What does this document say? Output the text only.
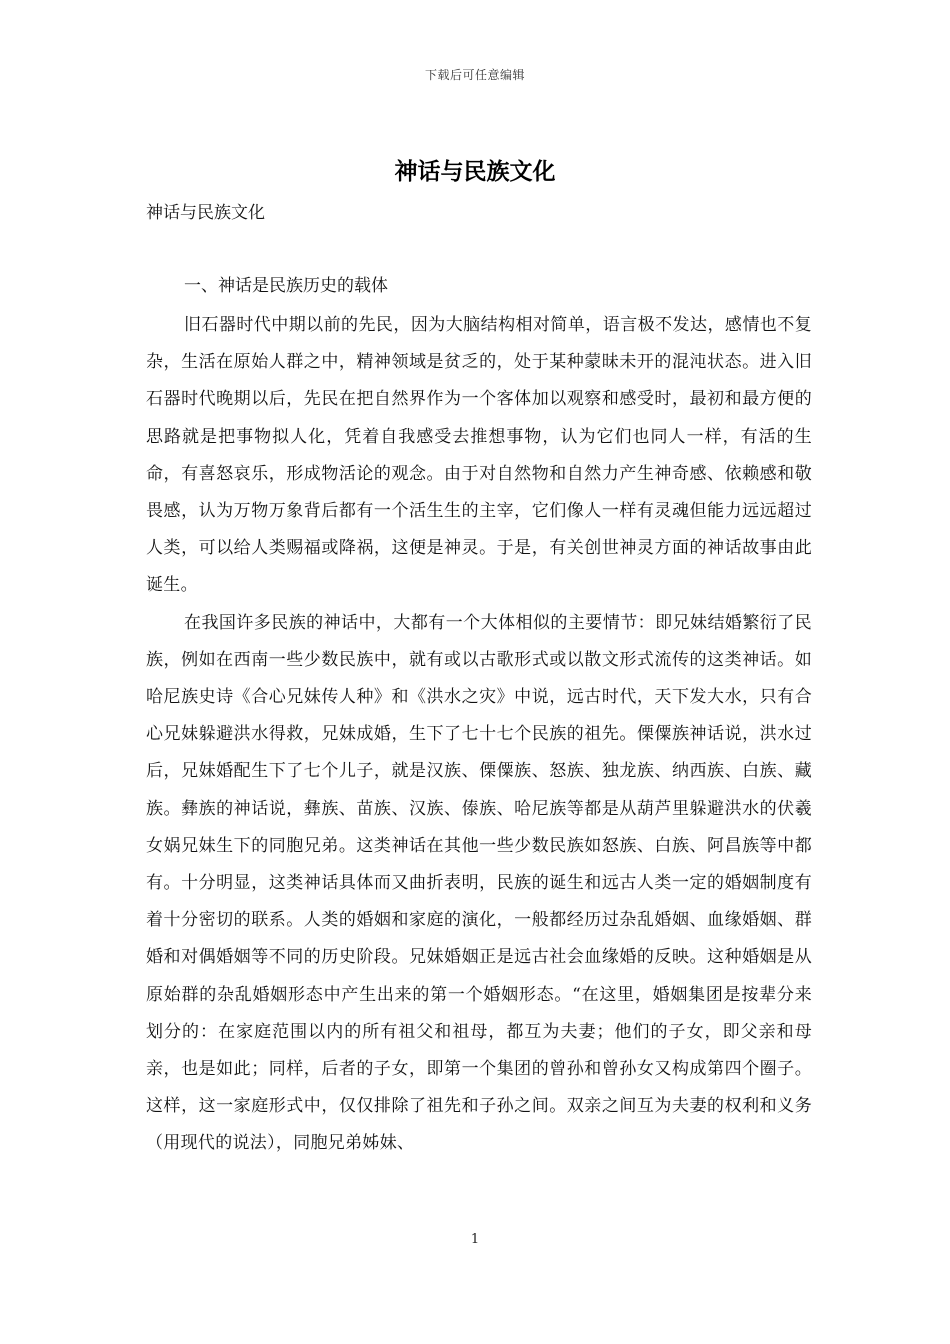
下载后可任意编辑
神话与民族文化
神话与民族文化
一、神话是民族历史的载体

旧石器时代中期以前的先民，因为大脑结构相对简单，语言极不发达，感情也不复杂，生活在原始人群之中，精神领域是贫乏的，处于某种蒙昧未开的混沌状态。进入旧石器时代晚期以后，先民在把自然界作为一个客体加以观察和感受时，最初和最方便的思路就是把事物拟人化，凭着自我感受去推想事物，认为它们也同人一样，有活的生命，有喜怒哀乐，形成物活论的观念。由于对自然物和自然力产生神奇感、依赖感和敬畏感，认为万物万象背后都有一个活生生的主宰，它们像人一样有灵魂但能力远远超过人类，可以给人类赐福或降祸，这便是神灵。于是，有关创世神灵方面的神话故事由此诞生。

在我国许多民族的神话中，大都有一个大体相似的主要情节：即兄妹结婚繁衍了民族，例如在西南一些少数民族中，就有或以古歌形式或以散文形式流传的这类神话。如哈尼族史诗《合心兄妹传人种》和《洪水之灾》中说，远古时代，天下发大水，只有合心兄妹躲避洪水得救，兄妹成婚，生下了七十七个民族的祖先。傈僳族神话说，洪水过后，兄妹婚配生下了七个儿子，就是汉族、傈僳族、怒族、独龙族、纳西族、白族、藏族。彝族的神话说，彝族、苗族、汉族、傣族、哈尼族等都是从葫芦里躲避洪水的伏羲女娲兄妹生下的同胞兄弟。这类神话在其他一些少数民族如怒族、白族、阿昌族等中都有。十分明显，这类神话具体而又曲折表明，民族的诞生和远古人类一定的婚姻制度有着十分密切的联系。人类的婚姻和家庭的演化，一般都经历过杂乱婚姻、血缘婚姻、群婚和对偶婚姻等不同的历史阶段。兄妹婚姻正是远古社会血缘婚的反映。这种婚姻是从原始群的杂乱婚姻形态中产生出来的第一个婚姻形态。“在这里，婚姻集团是按辈分来划分的：在家庭范围以内的所有祖父和祖母，都互为夫妻；他们的子女，即父亲和母亲，也是如此；同样，后者的子女，即第一个集团的曾孙和曾孙女又构成第四个圈子。这样，这一家庭形式中，仅仅排除了祖先和子孙之间。双亲之间互为夫妻的权利和义务（用现代的说法），同胞兄弟姊妹、

1
